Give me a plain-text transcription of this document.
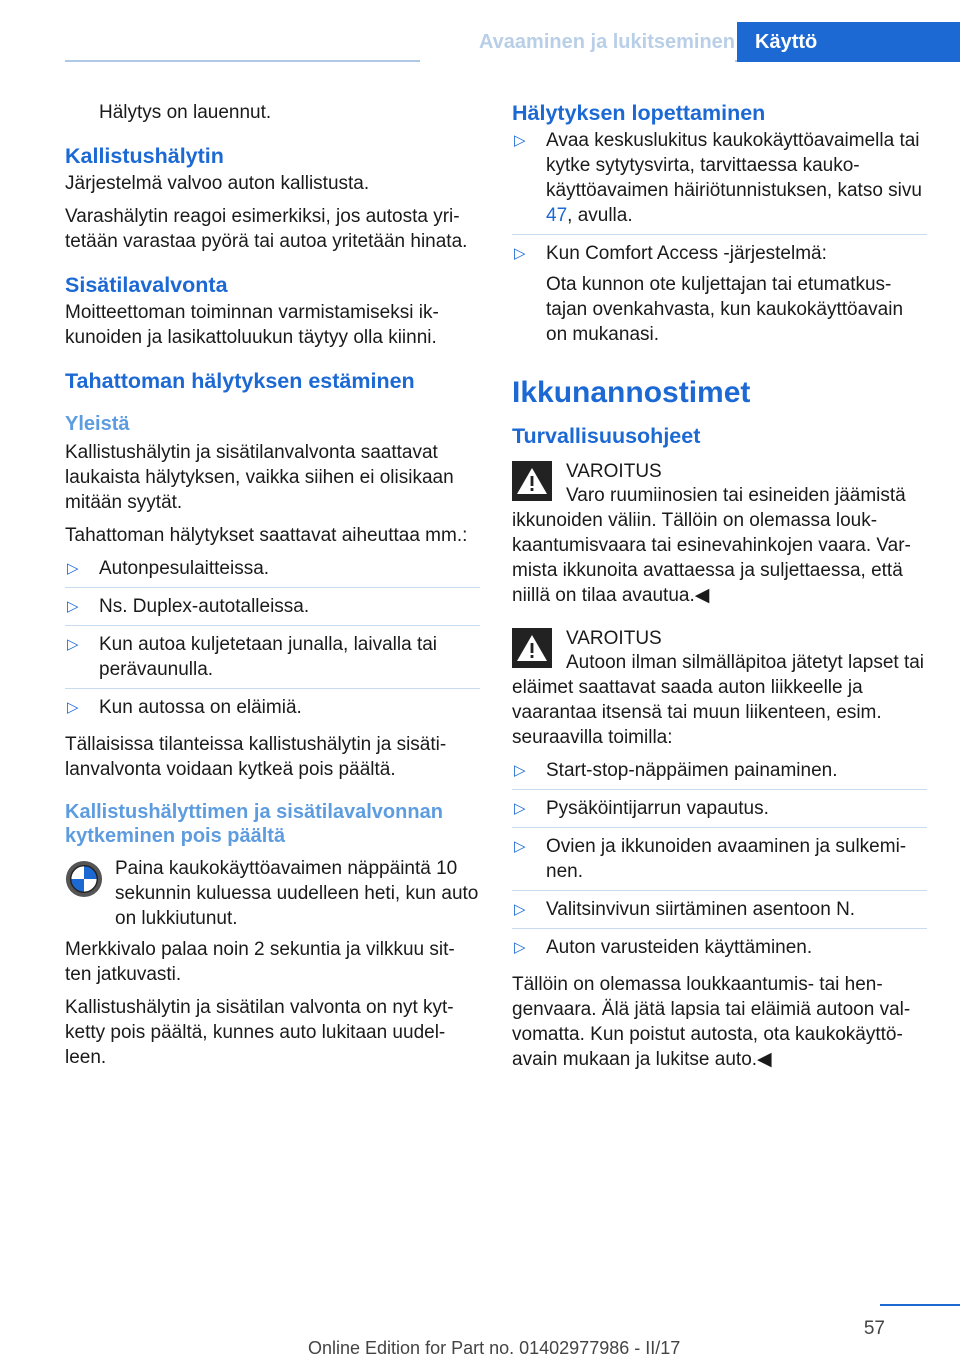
Avaaminen ja lukitseminen	Käyttö

Hälytys on lauennut.

Kallistushälytin

Järjestelmä valvoo auton kallistusta.

Varashälytin reagoi esimerkiksi, jos autosta yri‐ tetään varastaa pyörä tai autoa yritetään hinata.

Sisätilavalvonta

Moitteettoman toiminnan varmistamiseksi ik‐ kunoiden ja lasikattoluukun täytyy olla kiinni.

Tahattoman hälytyksen estäminen
Yleistä

Kallistushälytin ja sisätilanvalvonta saattavat laukaista hälytyksen, vaikka siihen ei olisikaan mitään syytät.

Tahattoman hälytykset saattavat aiheuttaa mm.:

▷ Autonpesulaitteissa.
▷ Ns. Duplex-autotalleissa.
▷ Kun autoa kuljetetaan junalla, laivalla tai perävaunulla.
▷ Kun autossa on eläimiä.

Tällaisissa tilanteissa kallistushälytin ja sisäti‐ lanvalvonta voidaan kytkeä pois päältä.

Kallistushälyttimen ja sisätilavalvonnan kytkeminen pois päältä

Paina kaukokäyttöavaimen näppäintä 10 sekunnin kuluessa uudelleen heti, kun auto on lukkiutunut.

Merkkivalo palaa noin 2 sekuntia ja vilkkuu sit‐ ten jatkuvasti.

Kallistushälytin ja sisätilan valvonta on nyt kyt‐ ketty pois päältä, kunnes auto lukitaan uudel‐ leen.

Hälytyksen lopettaminen
▷ Avaa keskuslukitus kaukokäyttöavaimella tai kytke sytytysvirta, tarvittaessa kauko‐ käyttöavaimen häiriötunnistuksen, katso sivu 47, avulla.
▷ Kun Comfort Access -järjestelmä:
Ota kunnon ote kuljettajan tai etumatkus‐ tajan ovenkahvasta, kun kaukokäyttöavain on mukanasi.
Ikkunannostimet
Turvallisuusohjeet
VAROITUS

Varo ruumiinosien tai esineiden jäämistä ikkunoiden väliin. Tällöin on olemassa louk‐ kaantumisvaara tai esinevahinkojen vaara. Var‐ mista ikkunoita avattaessa ja suljettaessa, että niillä on tilaa avautua.◀

VAROITUS

Autoon ilman silmälläpitoa jätetyt lapset tai eläimet saattavat saada auton liikkeelle ja vaarantaa itsensä tai muun liikenteen, esim. seuraavilla toimilla:

▷ Start-stop-näppäimen painaminen.
▷ Pysäköintijarrun vapautus.
▷ Ovien ja ikkunoiden avaaminen ja sulkemi‐ nen.
▷ Valitsinvivun siirtäminen asentoon N.
▷ Auton varusteiden käyttäminen.

Tällöin on olemassa loukkaantumis- tai hen‐ genvaara. Älä jätä lapsia tai eläimiä autoon val‐ vomatta. Kun poistut autosta, ota kaukokäyttö‐ avain mukaan ja lukitse auto.◀

57
Online Edition for Part no. 01402977986 - II/17
